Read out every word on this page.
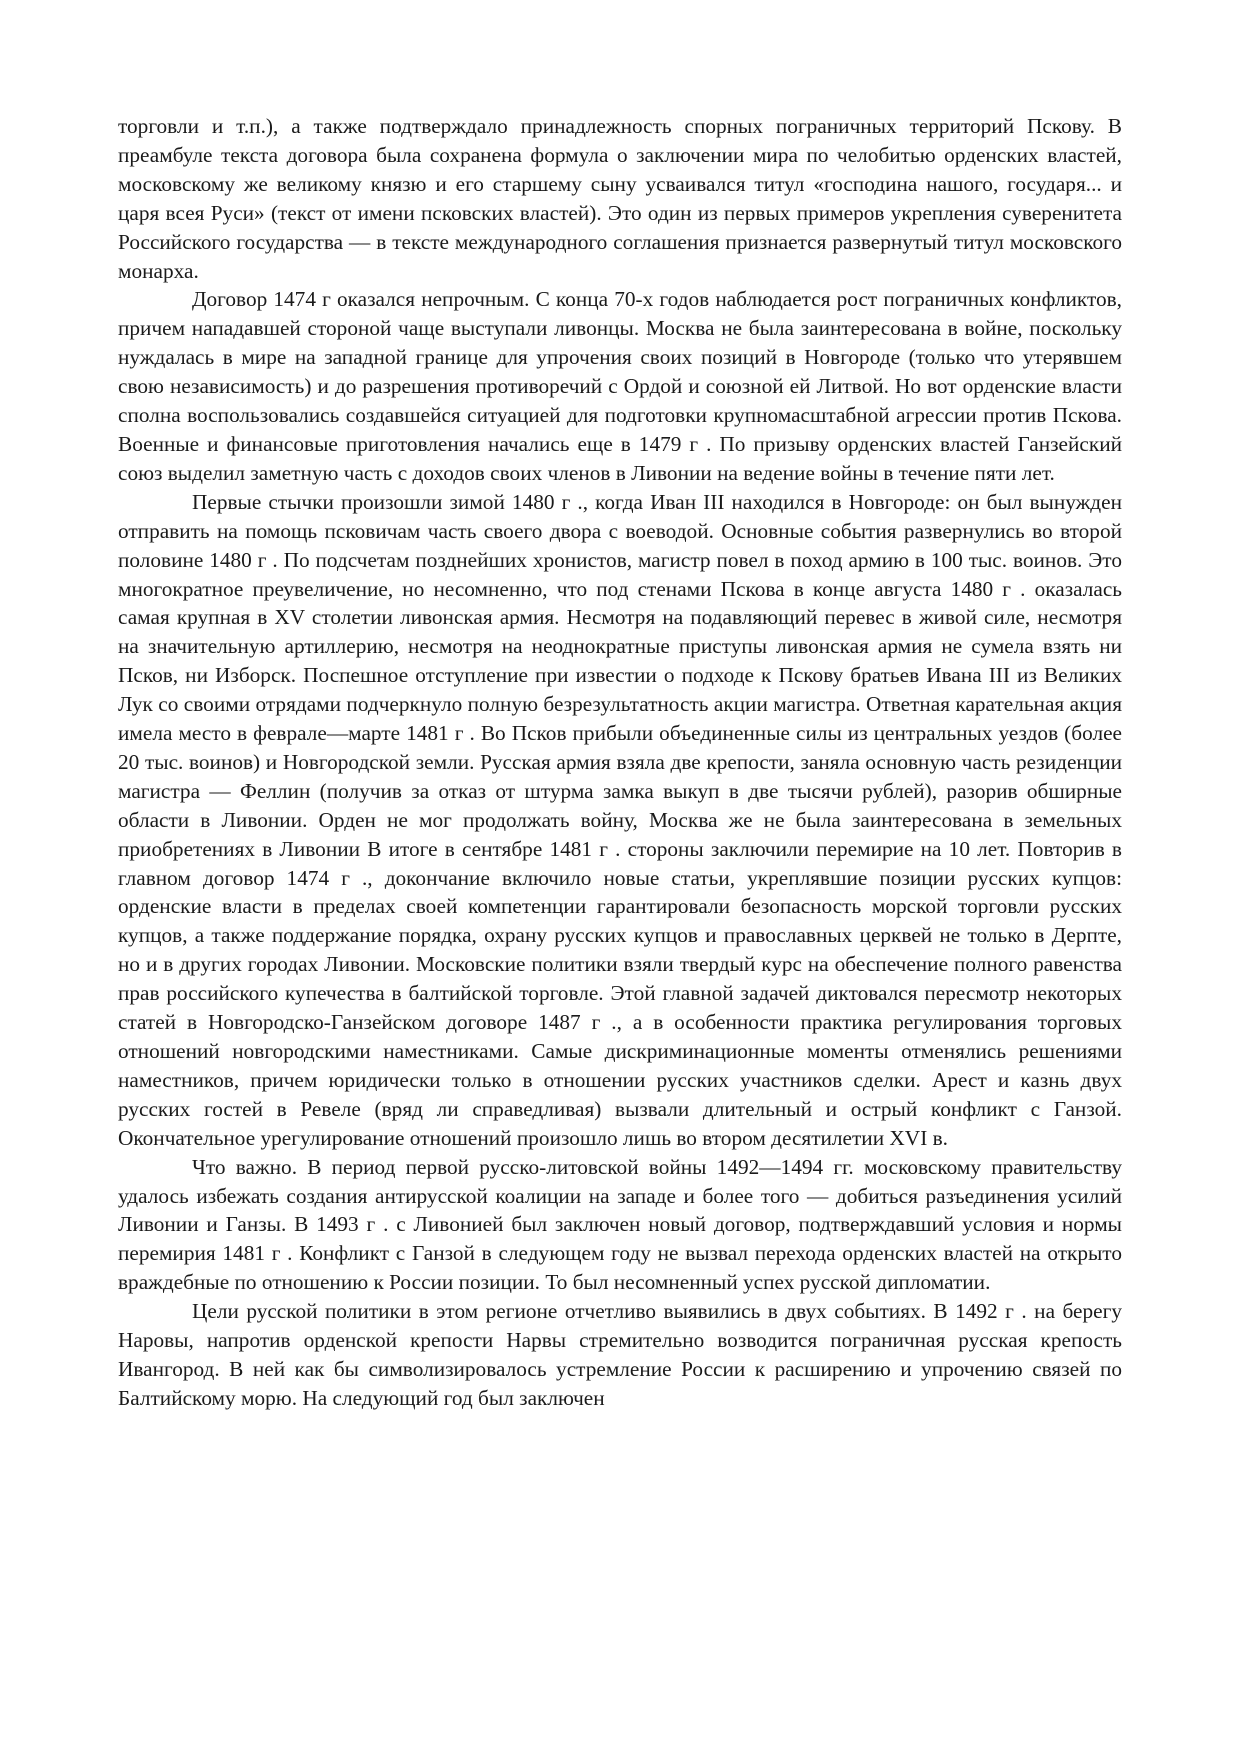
торговли и т.п.), а также подтверждало принадлежность спорных пограничных территорий Пскову. В преамбуле текста договора была сохранена формула о заключении мира по челобитью орденских властей, московскому же великому князю и его старшему сыну усваивался титул «господина нашого, государя... и царя всея Руси» (текст от имени псковских властей). Это один из первых примеров укрепления суверенитета Российского государства — в тексте международного соглашения признается развернутый титул московского монарха.

Договор 1474 г оказался непрочным. С конца 70-х годов наблюдается рост пограничных конфликтов, причем нападавшей стороной чаще выступали ливонцы. Москва не была заинтересована в войне, поскольку нуждалась в мире на западной границе для упрочения своих позиций в Новгороде (только что утерявшем свою независимость) и до разрешения противоречий с Ордой и союзной ей Литвой. Но вот орденские власти сполна воспользовались создавшейся ситуацией для подготовки крупномасштабной агрессии против Пскова. Военные и финансовые приготовления начались еще в 1479 г . По призыву орденских властей Ганзейский союз выделил заметную часть с доходов своих членов в Ливонии на ведение войны в течение пяти лет.

Первые стычки произошли зимой 1480 г ., когда Иван III находился в Новгороде: он был вынужден отправить на помощь псковичам часть своего двора с воеводой. Основные события развернулись во второй половине 1480 г . По подсчетам позднейших хронистов, магистр повел в поход армию в 100 тыс. воинов. Это многократное преувеличение, но несомненно, что под стенами Пскова в конце августа 1480 г . оказалась самая крупная в XV столетии ливонская армия. Несмотря на подавляющий перевес в живой силе, несмотря на значительную артиллерию, несмотря на неоднократные приступы ливонская армия не сумела взять ни Псков, ни Изборск. Поспешное отступление при известии о подходе к Пскову братьев Ивана III из Великих Лук со своими отрядами подчеркнуло полную безрезультатность акции магистра. Ответная карательная акция имела место в феврале—марте 1481 г . Во Псков прибыли объединенные силы из центральных уездов (более 20 тыс. воинов) и Новгородской земли. Русская армия взяла две крепости, заняла основную часть резиденции магистра — Феллин (получив за отказ от штурма замка выкуп в две тысячи рублей), разорив обширные области в Ливонии. Орден не мог продолжать войну, Москва же не была заинтересована в земельных приобретениях в Ливонии В итоге в сентябре 1481 г . стороны заключили перемирие на 10 лет. Повторив в главном договор 1474 г ., докончание включило новые статьи, укреплявшие позиции русских купцов: орденские власти в пределах своей компетенции гарантировали безопасность морской торговли русских купцов, а также поддержание порядка, охрану русских купцов и православных церквей не только в Дерпте, но и в других городах Ливонии. Московские политики взяли твердый курс на обеспечение полного равенства прав российского купечества в балтийской торговле. Этой главной задачей диктовался пересмотр некоторых статей в Новгородско-Ганзейском договоре 1487 г ., а в особенности практика регулирования торговых отношений новгородскими наместниками. Самые дискриминационные моменты отменялись решениями наместников, причем юридически только в отношении русских участников сделки. Арест и казнь двух русских гостей в Ревеле (вряд ли справедливая) вызвали длительный и острый конфликт с Ганзой. Окончательное урегулирование отношений произошло лишь во втором десятилетии XVI в.

Что важно. В период первой русско-литовской войны 1492—1494 гг. московскому правительству удалось избежать создания антирусской коалиции на западе и более того — добиться разъединения усилий Ливонии и Ганзы. В 1493 г . с Ливонией был заключен новый договор, подтверждавший условия и нормы перемирия 1481 г . Конфликт с Ганзой в следующем году не вызвал перехода орденских властей на открыто враждебные по отношению к России позиции. То был несомненный успех русской дипломатии.

Цели русской политики в этом регионе отчетливо выявились в двух событиях. В 1492 г . на берегу Наровы, напротив орденской крепости Нарвы стремительно возводится пограничная русская крепость Ивангород. В ней как бы символизировалось устремление России к расширению и упрочению связей по Балтийскому морю. На следующий год был заключен
